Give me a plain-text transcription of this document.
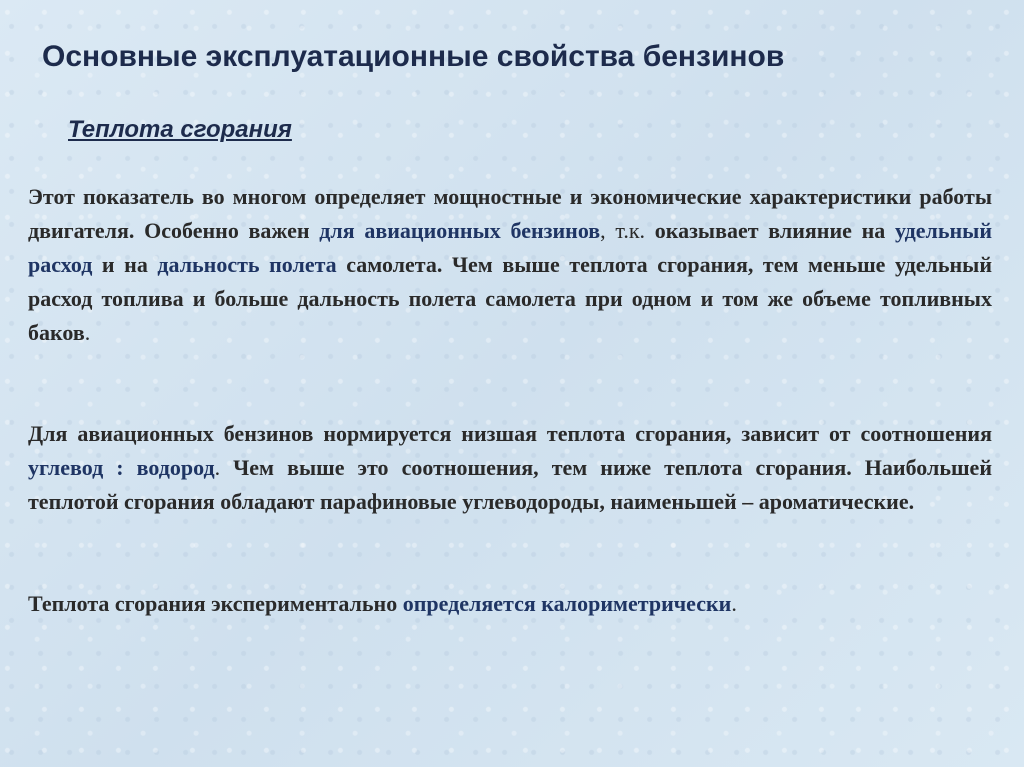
Основные эксплуатационные свойства бензинов
Теплота сгорания

Этот показатель во многом определяет мощностные и экономические характеристики работы двигателя. Особенно важен для авиационных бензинов, т.к. оказывает влияние на удельный расход и на дальность полета самолета. Чем выше теплота сгорания, тем меньше удельный расход топлива и больше дальность полета самолета при одном и том же объеме топливных баков.

Для авиационных бензинов нормируется низшая теплота сгорания, зависит от соотношения углевод : водород. Чем выше это соотношения, тем ниже теплота сгорания. Наибольшей теплотой сгорания обладают парафиновые углеводороды, наименьшей – ароматические.

Теплота сгорания экспериментально определяется калориметрически.
